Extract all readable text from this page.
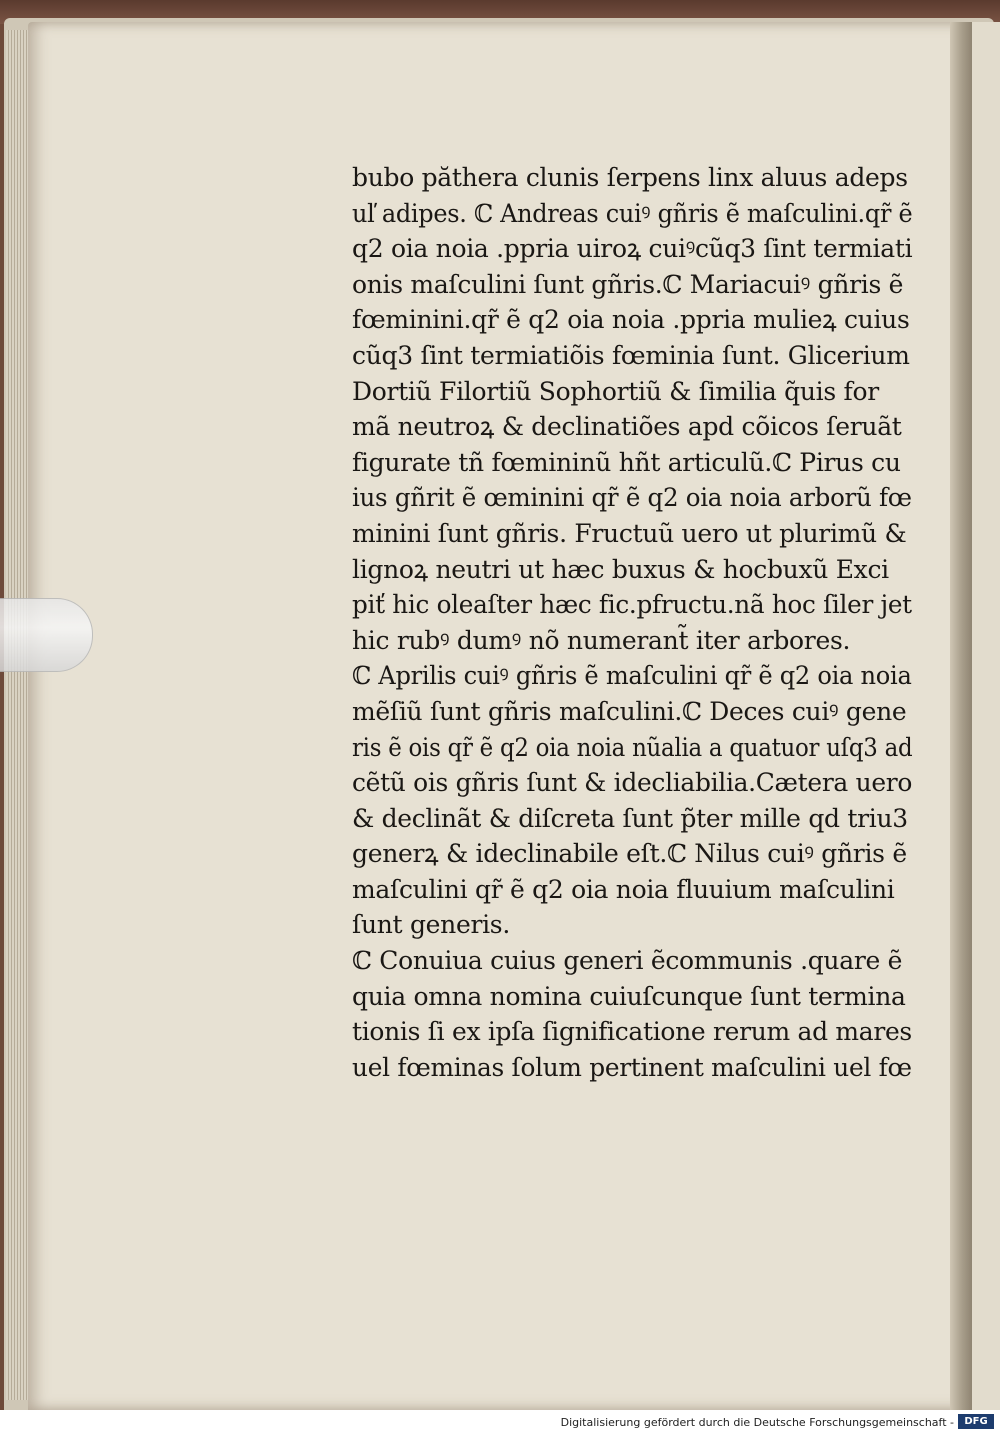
bubo păthera clunis ſerpens linx aluus adeps
uľ adipes. ℂ Andreas cuiꝰ gñris ẽ maſculini.qr̃ ẽ
q2 oia noia .ppria uiroꝝ cuiꝰcũq3 ſint termiati
onis maſculini ſunt gñris.ℂ Mariacuiꝰ gñris ẽ
fœminini.qr̃ ẽ q2 oia noia .ppria mulieꝝ cuius
cũq3 ſint termiatiõis fœminia ſunt. Glicerium
Dortiũ Filortiũ Sophortiũ & ſimilia q̃uis for
mã neutroꝝ & declinatiões apd cõicos ſeruãt
figurate tñ fœmininũ hñt articulũ.ℂ Pirus cu
ius gñrit ẽ œminini qr̃ ẽ q2 oia noia arborũ fœ
minini ſunt gñris. Fructuũ uero ut plurimũ &
lignoꝝ neutri ut hæc buxus & hocbuxũ Exci
piť hic oleaſter hæc fic.pfructu.nã hoc ſiler jet
hic rubꝰ dumꝰ nõ numerant̃ iter arbores.
ℂ Aprilis cuiꝰ gñris ẽ maſculini qr̃ ẽ q2 oia noia
mẽſiũ ſunt gñris maſculini.ℂ Deces cuiꝰ gene
ris ẽ ois qr̃ ẽ q2 oia noia nũalia a quatuor uſq3 ad
cẽtũ ois gñris ſunt & idecliabilia.Cætera uero
& declinãt & diſcreta ſunt p̃ter mille qd triu3
generꝝ & ideclinabile eſt.ℂ Nilus cuiꝰ gñris ẽ
maſculini qr̃ ẽ q2 oia noia fluuium maſculini
ſunt generis.
ℂ Conuiua cuius generi ẽcommunis .quare ẽ
quia omna nomina cuiuſcunque ſunt termina
tionis ſi ex ipſa ſignificatione rerum ad mares
uel fœminas ſolum pertinent maſculini uel fœ
Digitalisierung gefördert durch die Deutsche Forschungsgemeinschaft -	DFG
